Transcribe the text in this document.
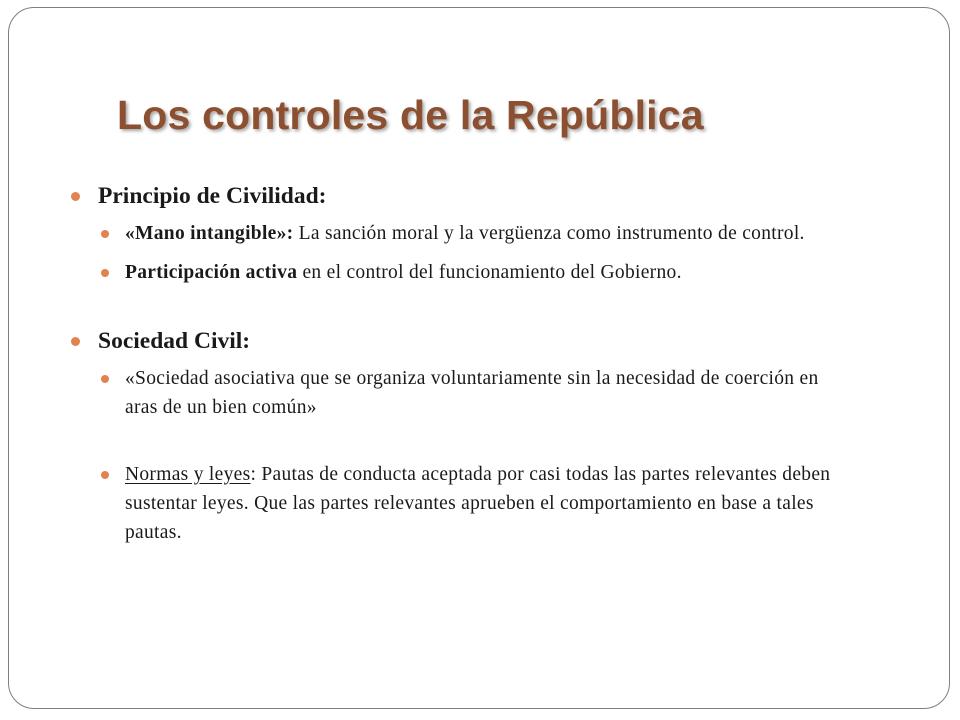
Los controles de la República
Principio de Civilidad:
«Mano intangible»: La sanción moral y la vergüenza como instrumento de control.
Participación activa en el control del funcionamiento del Gobierno.
Sociedad Civil:
«Sociedad asociativa que se organiza voluntariamente sin la necesidad de coerción en aras de un bien común»
Normas y leyes: Pautas de conducta aceptada por casi todas las partes relevantes deben sustentar leyes. Que las partes relevantes aprueben el comportamiento en base a tales pautas.
